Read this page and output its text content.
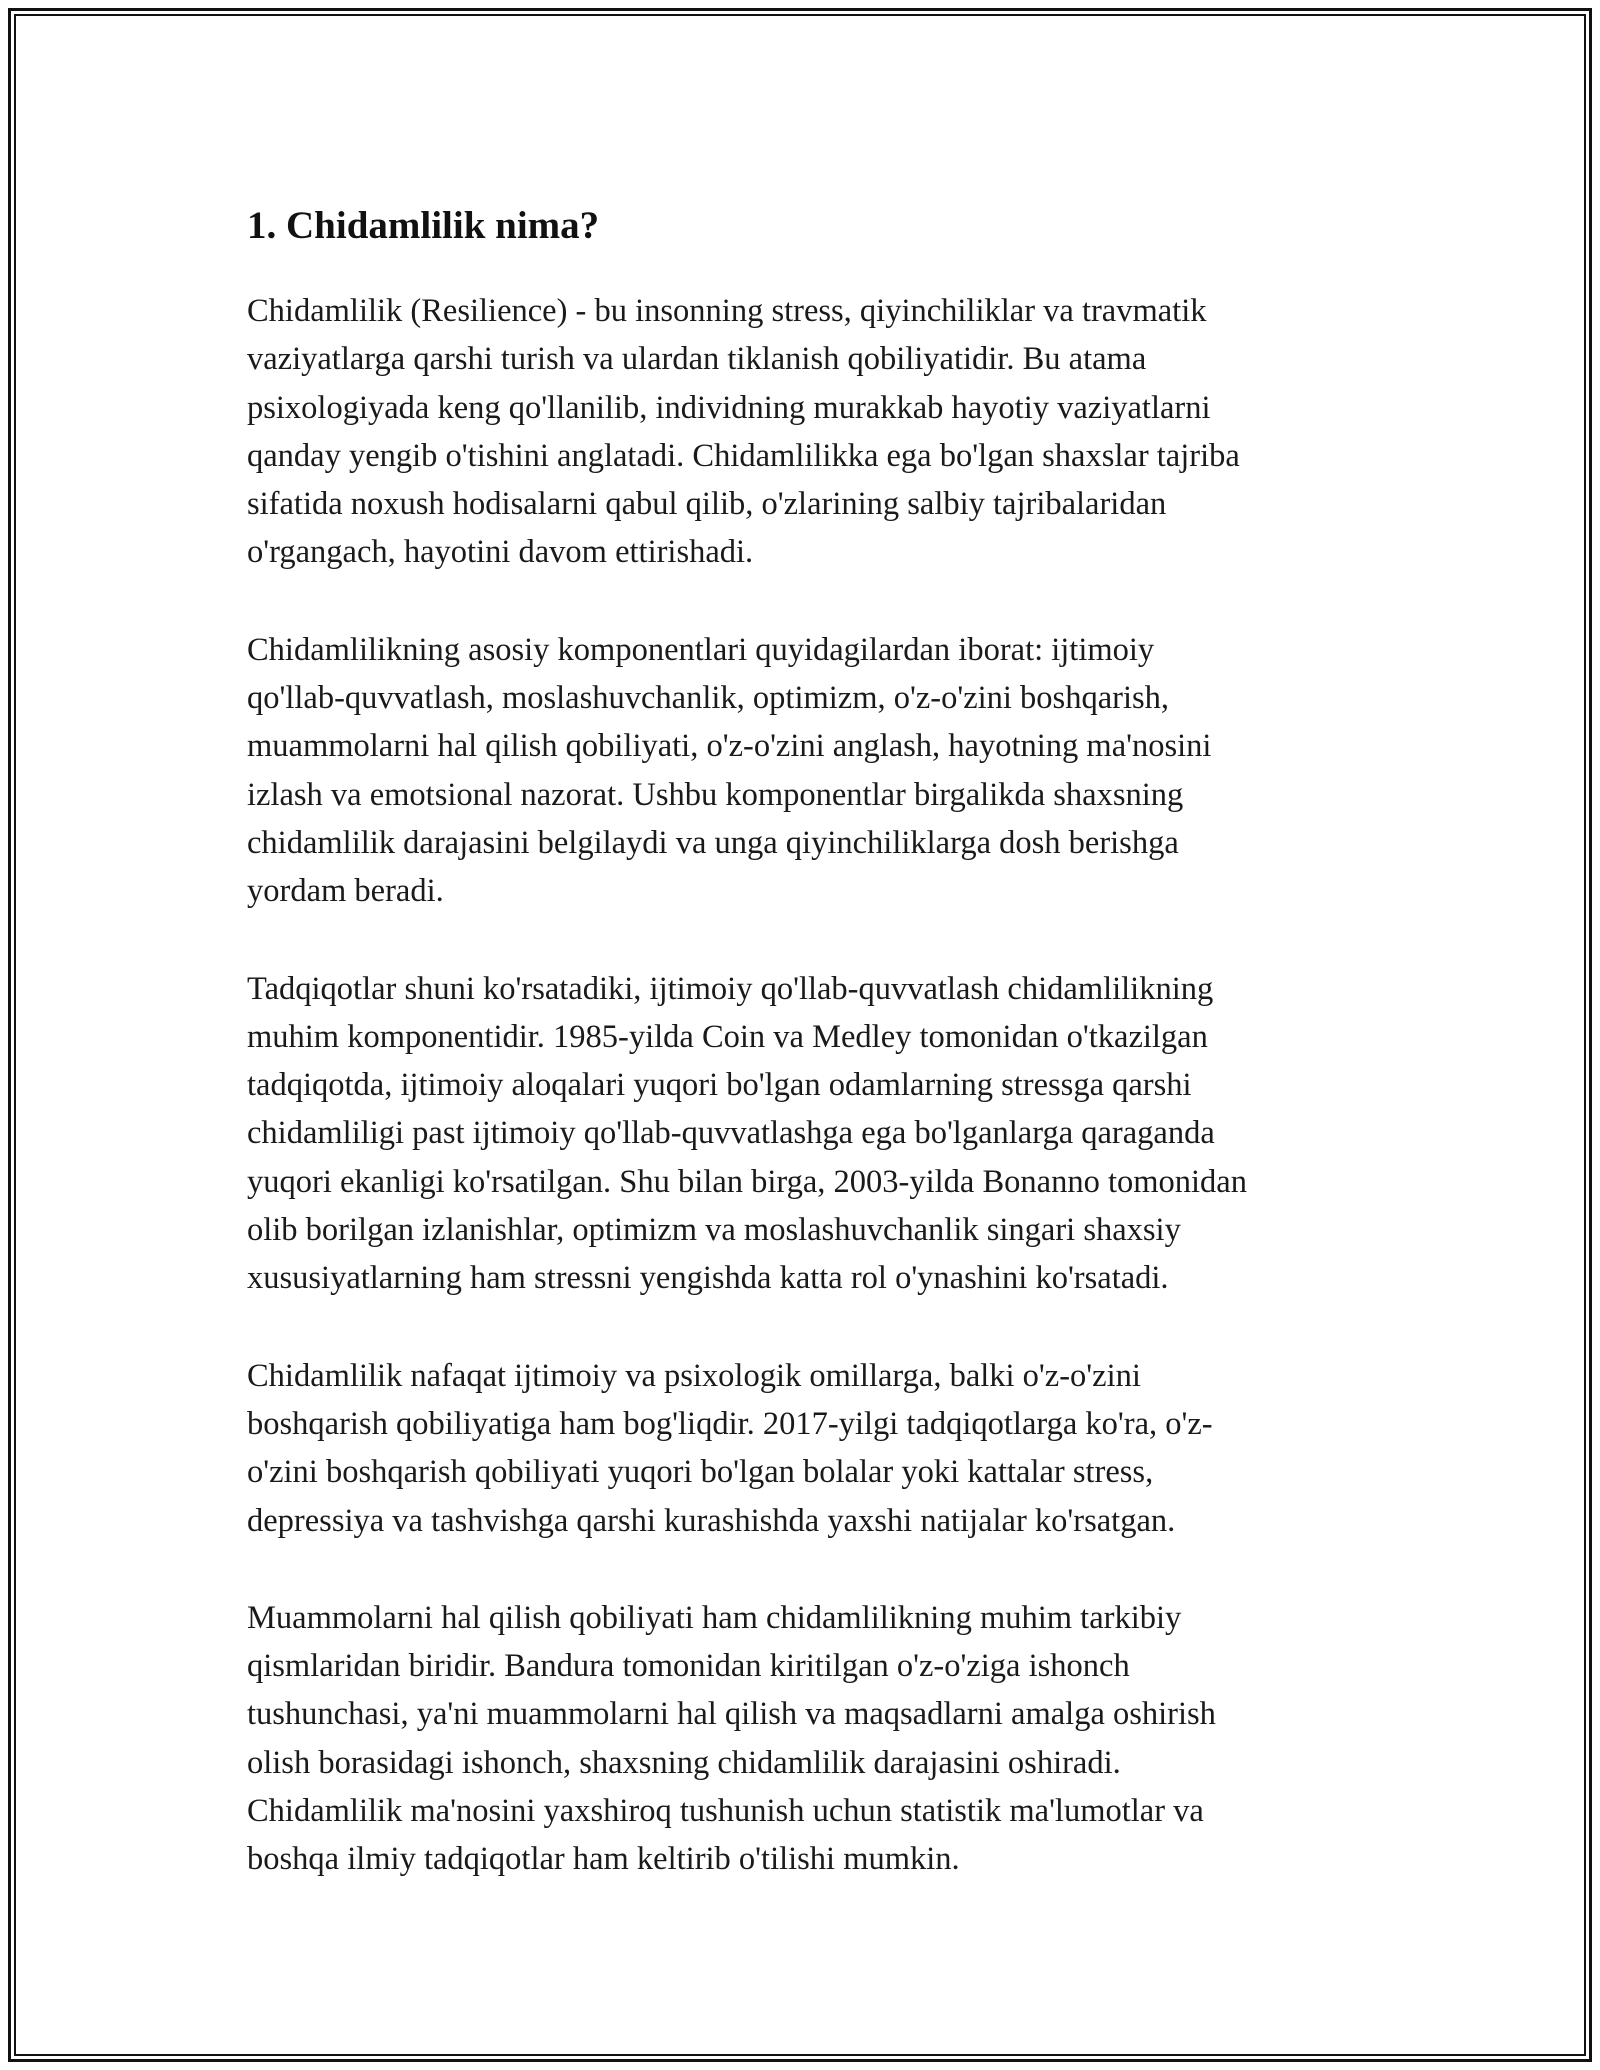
1. Chidamlilik nima?

Chidamlilik (Resilience) - bu insonning stress, qiyinchiliklar va travmatik
vaziyatlarga qarshi turish va ulardan tiklanish qobiliyatidir. Bu atama
psixologiyada keng qo'llanilib, individning murakkab hayotiy vaziyatlarni
qanday yengib o'tishini anglatadi. Chidamlilikka ega bo'lgan shaxslar tajriba
sifatida noxush hodisalarni qabul qilib, o'zlarining salbiy tajribalaridan
o'rgangach, hayotini davom ettirishadi.

Chidamlilikning asosiy komponentlari quyidagilardan iborat: ijtimoiy
qo'llab-quvvatlash, moslashuvchanlik, optimizm, o'z-o'zini boshqarish,
muammolarni hal qilish qobiliyati, o'z-o'zini anglash, hayotning ma'nosini
izlash va emotsional nazorat. Ushbu komponentlar birgalikda shaxsning
chidamlilik darajasini belgilaydi va unga qiyinchiliklarga dosh berishga
yordam beradi.

Tadqiqotlar shuni ko'rsatadiki, ijtimoiy qo'llab-quvvatlash chidamlilikning
muhim komponentidir. 1985-yilda Coin va Medley tomonidan o'tkazilgan
tadqiqotda, ijtimoiy aloqalari yuqori bo'lgan odamlarning stressga qarshi
chidamliligi past ijtimoiy qo'llab-quvvatlashga ega bo'lganlarga qaraganda
yuqori ekanligi ko'rsatilgan. Shu bilan birga, 2003-yilda Bonanno tomonidan
olib borilgan izlanishlar, optimizm va moslashuvchanlik singari shaxsiy
xususiyatlarning ham stressni yengishda katta rol o'ynashini ko'rsatadi.

Chidamlilik nafaqat ijtimoiy va psixologik omillarga, balki o'z-o'zini
boshqarish qobiliyatiga ham bog'liqdir. 2017-yilgi tadqiqotlarga ko'ra, o'z-
o'zini boshqarish qobiliyati yuqori bo'lgan bolalar yoki kattalar stress,
depressiya va tashvishga qarshi kurashishda yaxshi natijalar ko'rsatgan.

Muammolarni hal qilish qobiliyati ham chidamlilikning muhim tarkibiy
qismlaridan biridir. Bandura tomonidan kiritilgan o'z-o'ziga ishonch
tushunchasi, ya'ni muammolarni hal qilish va maqsadlarni amalga oshirish
olish borasidagi ishonch, shaxsning chidamlilik darajasini oshiradi.
Chidamlilik ma'nosini yaxshiroq tushunish uchun statistik ma'lumotlar va
boshqa ilmiy tadqiqotlar ham keltirib o'tilishi mumkin.
